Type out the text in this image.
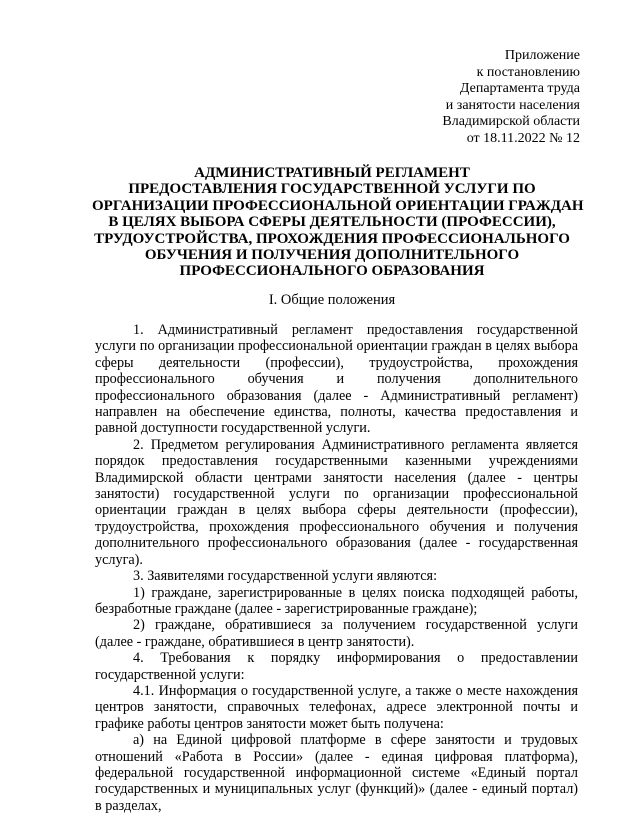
Приложение
к постановлению
Департамента труда
и занятости населения
Владимирской области
от 18.11.2022 № 12
АДМИНИСТРАТИВНЫЙ РЕГЛАМЕНТ
ПРЕДОСТАВЛЕНИЯ ГОСУДАРСТВЕННОЙ УСЛУГИ ПО
ОРГАНИЗАЦИИ ПРОФЕССИОНАЛЬНОЙ ОРИЕНТАЦИИ ГРАЖДАН
В ЦЕЛЯХ ВЫБОРА СФЕРЫ ДЕЯТЕЛЬНОСТИ (ПРОФЕССИИ),
ТРУДОУСТРОЙСТВА, ПРОХОЖДЕНИЯ ПРОФЕССИОНАЛЬНОГО
ОБУЧЕНИЯ И ПОЛУЧЕНИЯ ДОПОЛНИТЕЛЬНОГО
ПРОФЕССИОНАЛЬНОГО ОБРАЗОВАНИЯ
I. Общие положения

1. Административный регламент предоставления государственной услуги по организации профессиональной ориентации граждан в целях выбора сферы деятельности (профессии), трудоустройства, прохождения профессионального обучения и получения дополнительного профессионального образования (далее - Административный регламент) направлен на обеспечение единства, полноты, качества предоставления и равной доступности государственной услуги.

2. Предметом регулирования Административного регламента является порядок предоставления государственными казенными учреждениями Владимирской области центрами занятости населения (далее - центры занятости) государственной услуги по организации профессиональной ориентации граждан в целях выбора сферы деятельности (профессии), трудоустройства, прохождения профессионального обучения и получения дополнительного профессионального образования (далее - государственная услуга).

3. Заявителями государственной услуги являются:

1) граждане, зарегистрированные в целях поиска подходящей работы, безработные граждане (далее - зарегистрированные граждане);

2) граждане, обратившиеся за получением государственной услуги (далее - граждане, обратившиеся в центр занятости).

4. Требования к порядку информирования о предоставлении государственной услуги:

4.1. Информация о государственной услуге, а также о месте нахождения центров занятости, справочных телефонах, адресе электронной почты и графике работы центров занятости может быть получена:

а) на Единой цифровой платформе в сфере занятости и трудовых отношений «Работа в России» (далее - единая цифровая платформа), федеральной государственной информационной системе «Единый портал государственных и муниципальных услуг (функций)» (далее - единый портал) в разделах,
